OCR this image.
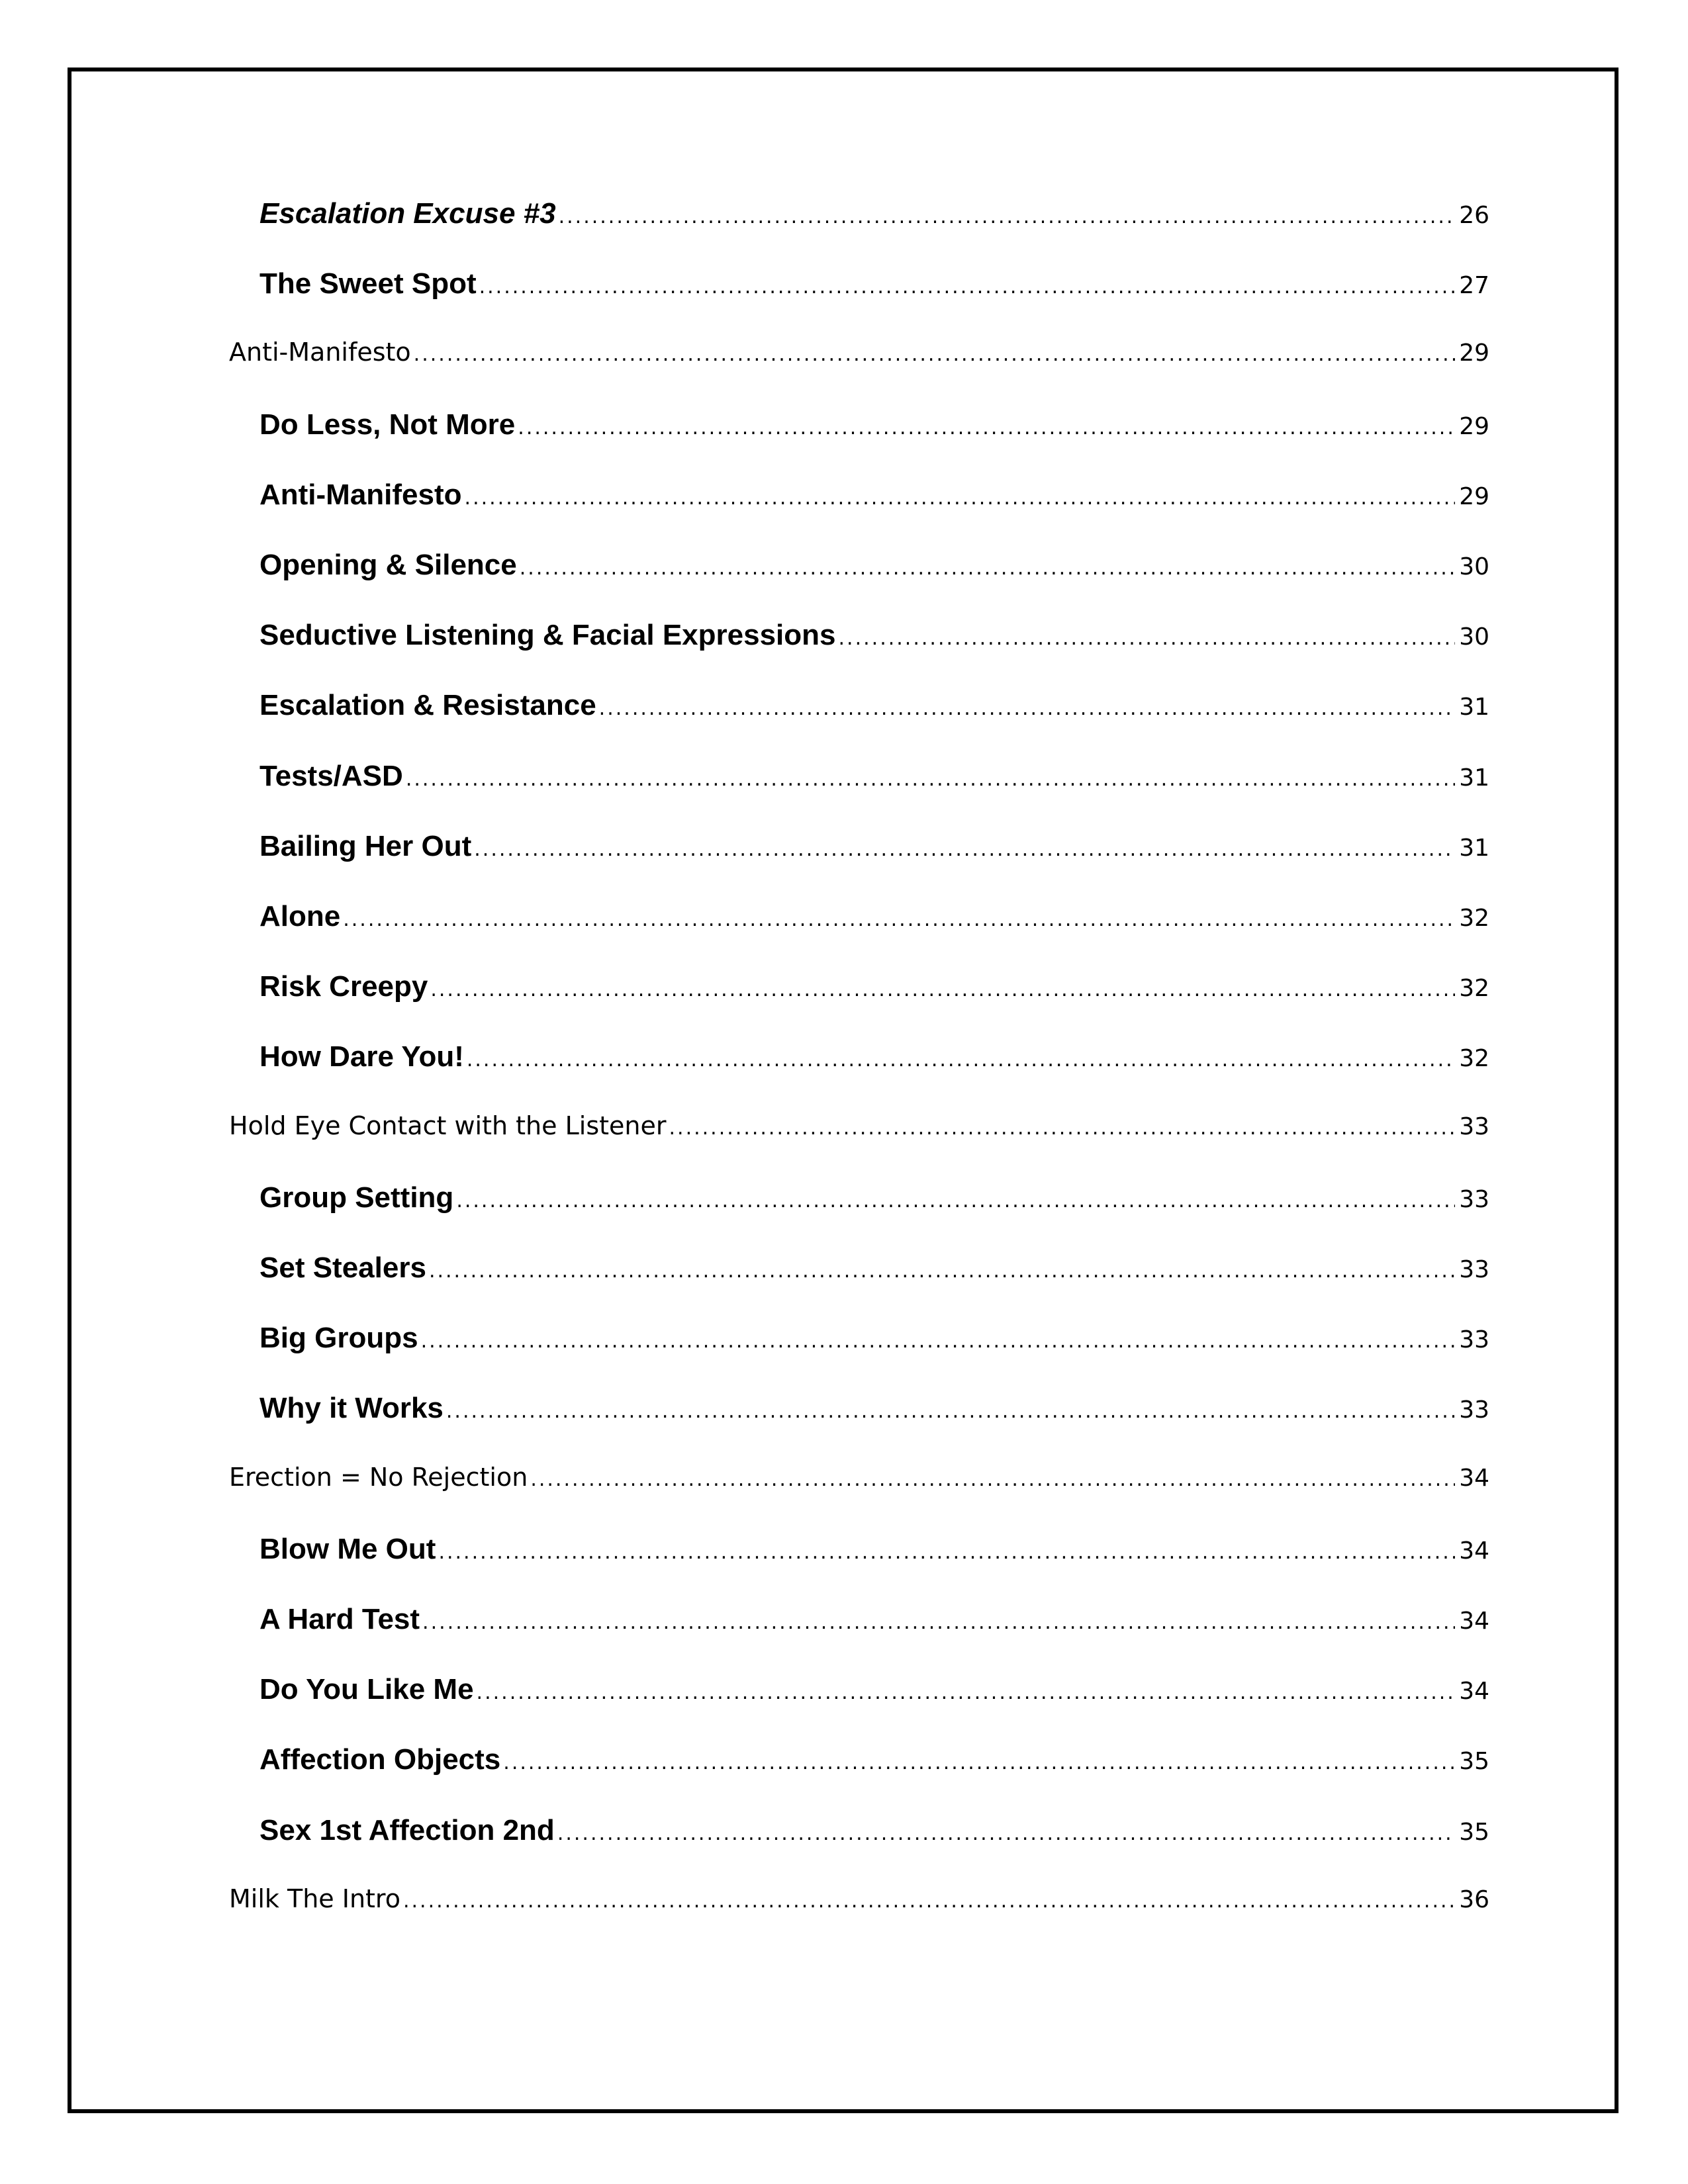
Escalation Excuse #3 .....	26
The Sweet Spot .....	27
Anti-Manifesto .....	29
Do Less, Not More .....	29
Anti-Manifesto .....	29
Opening & Silence .....	30
Seductive Listening & Facial Expressions .....	30
Escalation & Resistance .....	31
Tests/ASD .....	31
Bailing Her Out .....	31
Alone .....	32
Risk Creepy .....	32
How Dare You! .....	32
Hold Eye Contact with the Listener .....	33
Group Setting .....	33
Set Stealers .....	33
Big Groups .....	33
Why it Works .....	33
Erection = No Rejection .....	34
Blow Me Out .....	34
A Hard Test .....	34
Do You Like Me .....	34
Affection Objects .....	35
Sex 1st Affection 2nd .....	35
Milk The Intro .....	36
